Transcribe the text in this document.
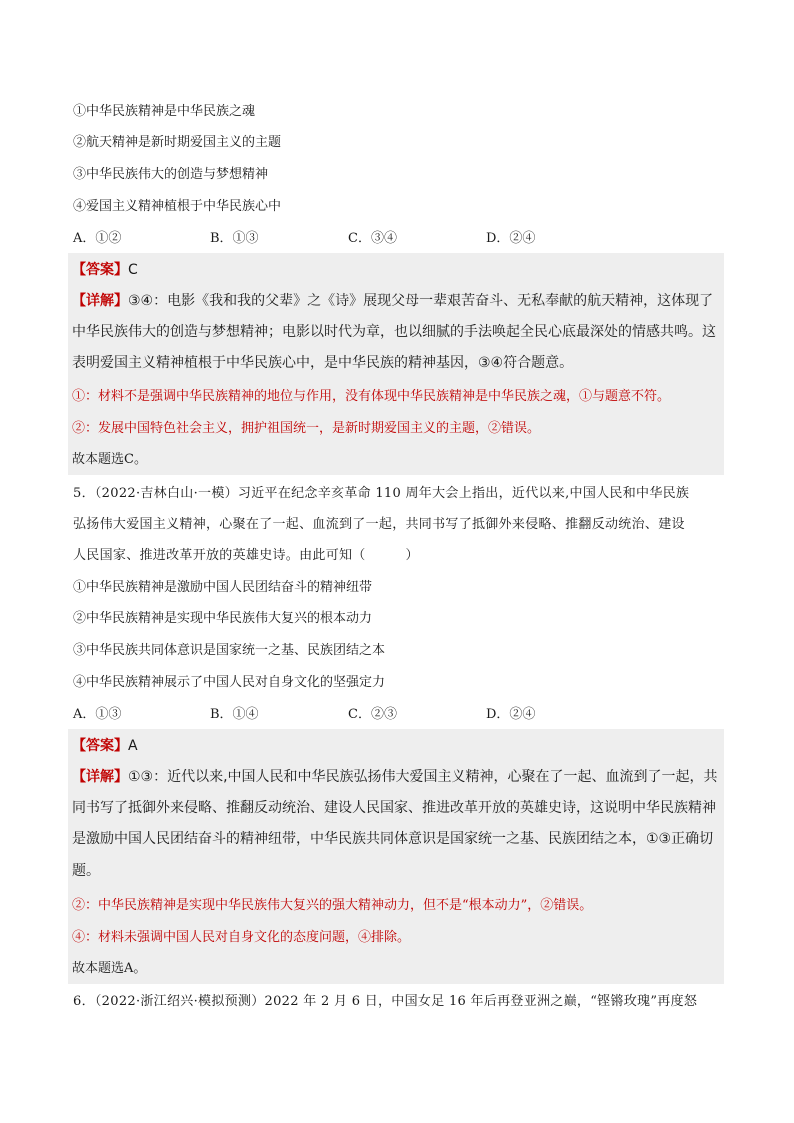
①中华民族精神是中华民族之魂
②航天精神是新时期爱国主义的主题
③中华民族伟大的创造与梦想精神
④爱国主义精神植根于中华民族心中
A．①②	B．①③	C．③④	D．②④
【答案】C
【详解】③④：电影《我和我的父辈》之《诗》展现父母一辈艰苦奋斗、无私奉献的航天精神，这体现了
中华民族伟大的创造与梦想精神；电影以时代为章，也以细腻的手法唤起全民心底最深处的情感共鸣。这
表明爱国主义精神植根于中华民族心中，是中华民族的精神基因，③④符合题意。
①：材料不是强调中华民族精神的地位与作用，没有体现中华民族精神是中华民族之魂，①与题意不符。
②：发展中国特色社会主义，拥护祖国统一，是新时期爱国主义的主题，②错误。
故本题选C。
5．（2022·吉林白山·一模）习近平在纪念辛亥革命 110 周年大会上指出，近代以来,中国人民和中华民族
弘扬伟大爱国主义精神，心聚在了一起、血流到了一起，共同书写了抵御外来侵略、推翻反动统治、建设
人民国家、推进改革开放的英雄史诗。由此可知（　　　）
①中华民族精神是激励中国人民团结奋斗的精神纽带
②中华民族精神是实现中华民族伟大复兴的根本动力
③中华民族共同体意识是国家统一之基、民族团结之本
④中华民族精神展示了中国人民对自身文化的坚强定力
A．①③	B．①④	C．②③	D．②④
【答案】A
【详解】①③：近代以来,中国人民和中华民族弘扬伟大爱国主义精神，心聚在了一起、血流到了一起，共
同书写了抵御外来侵略、推翻反动统治、建设人民国家、推进改革开放的英雄史诗，这说明中华民族精神
是激励中国人民团结奋斗的精神纽带，中华民族共同体意识是国家统一之基、民族团结之本，①③正确切
题。
②：中华民族精神是实现中华民族伟大复兴的强大精神动力，但不是“根本动力”，②错误。
④：材料未强调中国人民对自身文化的态度问题，④排除。
故本题选A。
6．（2022·浙江绍兴·模拟预测）2022 年 2 月 6 日，中国女足 16 年后再登亚洲之巅，“铿锵玫瑰”再度怒
